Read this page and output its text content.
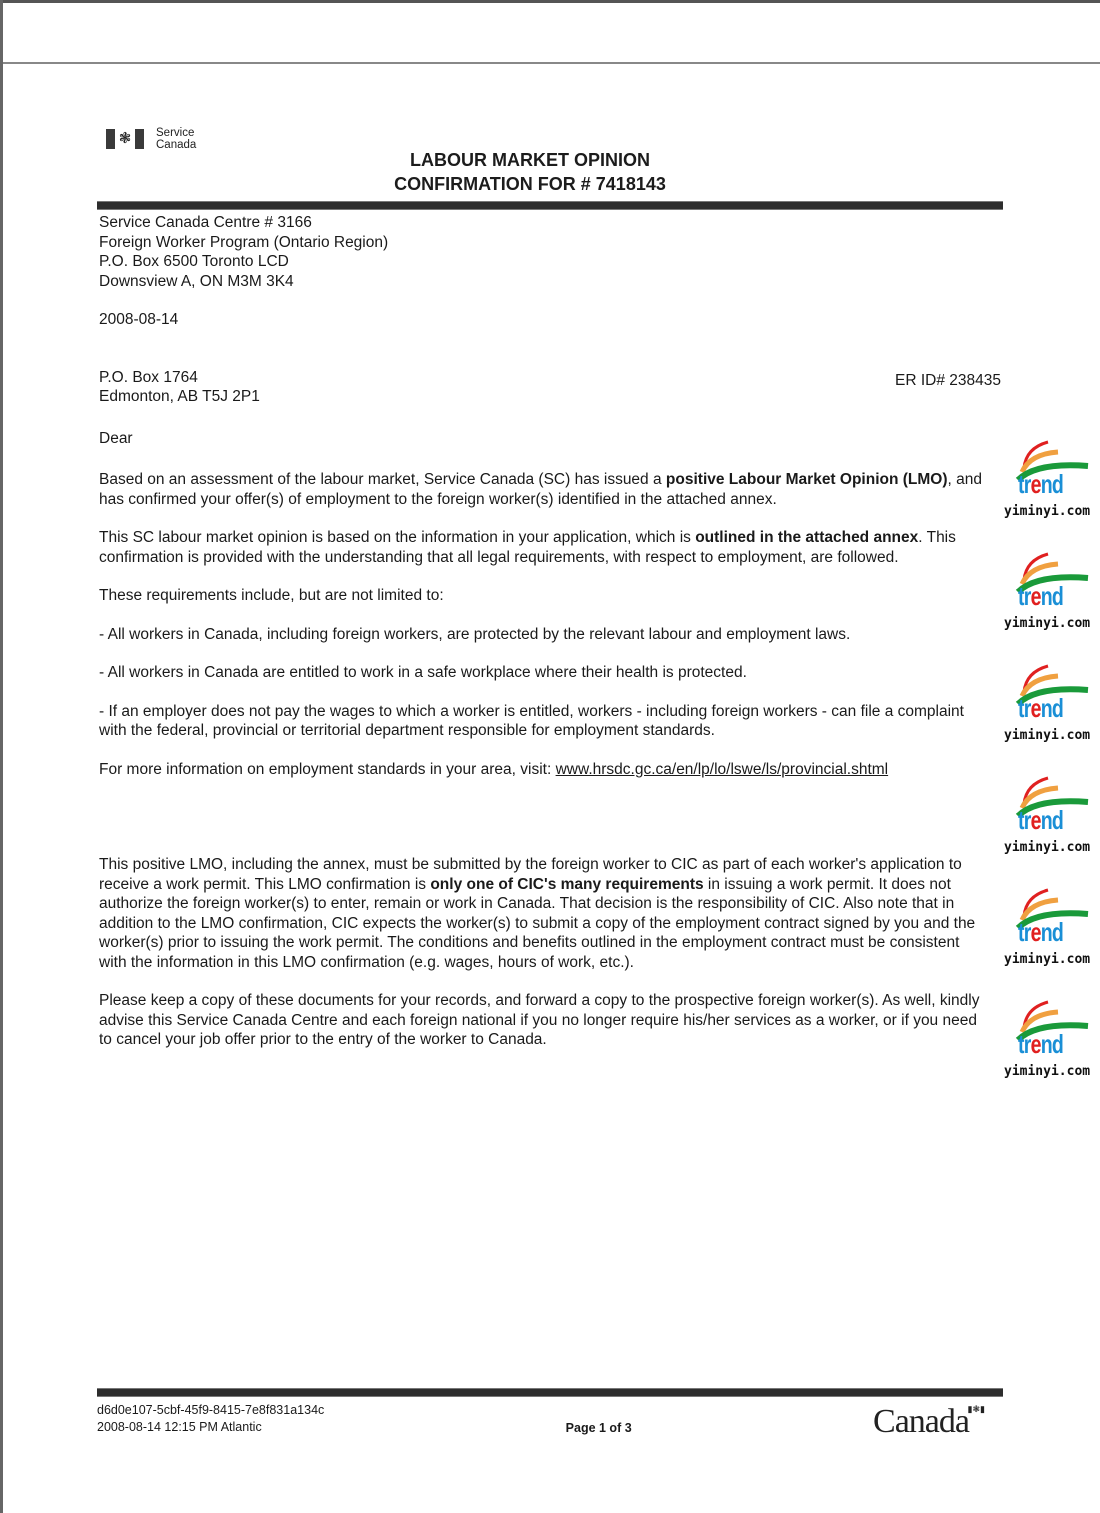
❃ Service
Canada
LABOUR MARKET OPINION
CONFIRMATION FOR # 7418143
Service Canada Centre # 3166
Foreign Worker Program (Ontario Region)
P.O. Box 6500 Toronto LCD
Downsview A, ON M3M 3K4
2008-08-14
P.O. Box 1764
Edmonton, AB T5J 2P1
ER ID# 238435
Dear
Based on an assessment of the labour market, Service Canada (SC) has issued a positive Labour Market Opinion (LMO), and has confirmed your offer(s) of employment to the foreign worker(s) identified in the attached annex.
This SC labour market opinion is based on the information in your application, which is outlined in the attached annex. This confirmation is provided with the understanding that all legal requirements, with respect to employment, are followed.
These requirements include, but are not limited to:
- All workers in Canada, including foreign workers, are protected by the relevant labour and employment laws.
- All workers in Canada are entitled to work in a safe workplace where their health is protected.
- If an employer does not pay the wages to which a worker is entitled, workers - including foreign workers - can file a complaint with the federal, provincial or territorial department responsible for employment standards.
For more information on employment standards in your area, visit: www.hrsdc.gc.ca/en/lp/lo/lswe/ls/provincial.shtml
This positive LMO, including the annex, must be submitted by the foreign worker to CIC as part of each worker's application to receive a work permit. This LMO confirmation is only one of CIC's many requirements in issuing a work permit. It does not authorize the foreign worker(s) to enter, remain or work in Canada. That decision is the responsibility of CIC. Also note that in addition to the LMO confirmation, CIC expects the worker(s) to submit a copy of the employment contract signed by you and the worker(s) prior to issuing the work permit. The conditions and benefits outlined in the employment contract must be consistent with the information in this LMO confirmation (e.g. wages, hours of work, etc.).
Please keep a copy of these documents for your records, and forward a copy to the prospective foreign worker(s). As well, kindly advise this Service Canada Centre and each foreign national if you no longer require his/her services as a worker, or if you need to cancel your job offer prior to the entry of the worker to Canada.
d6d0e107-5cbf-45f9-8415-7e8f831a134c
2008-08-14 12:15 PM Atlantic	Page 1 of 3	Canada
▮❃▮
trend
yiminyi.com
trend
yiminyi.com
trend
yiminyi.com
trend
yiminyi.com
trend
yiminyi.com
trend
yiminyi.com
